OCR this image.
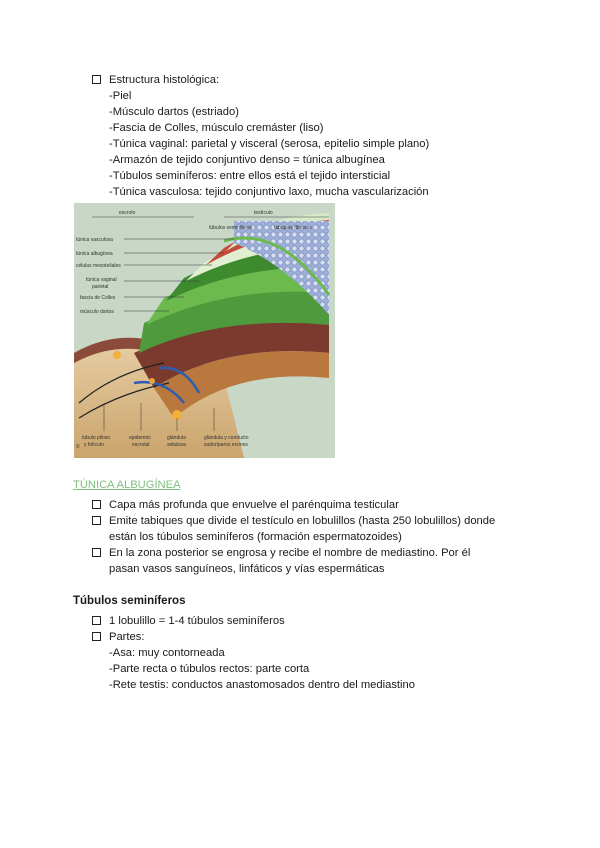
Estructura histológica:
-Piel
-Músculo dartos (estriado)
-Fascia de Colles, músculo cremáster (liso)
-Túnica vaginal: parietal y visceral (serosa, epitelio simple plano)
-Armazón de tejido conjuntivo denso = túnica albugínea
-Túbulos seminíferos: entre ellos está el tejido intersticial
-Túnica vasculosa: tejido conjuntivo laxo, mucha vascularización
escroto	testículo
túbulos seminíferos	tabiques fibrosos
túnica vasculosa
túnica albugínea
células mesoteliales
túnica vaginal
parietal
fascia de Colles
músculo dartos
túbulo piloso
y folículo
epidermis
escrotal
glándula
sebácea
glándula y conducto
sudoríparos ecrinos
©
TÚNICA ALBUGÍNEA
Capa más profunda que envuelve el parénquima testicular
Emite tabiques que divide el testículo en lobulillos (hasta 250 lobulillos) donde
están los túbulos seminíferos (formación espermatozoides)
En la zona posterior se engrosa y recibe el nombre de mediastino. Por él
pasan vasos sanguíneos, linfáticos y vías espermáticas
Túbulos seminíferos
1 lobulillo = 1-4 túbulos seminíferos
Partes:
-Asa: muy contorneada
-Parte recta o túbulos rectos: parte corta
-Rete testis: conductos anastomosados dentro del mediastino
